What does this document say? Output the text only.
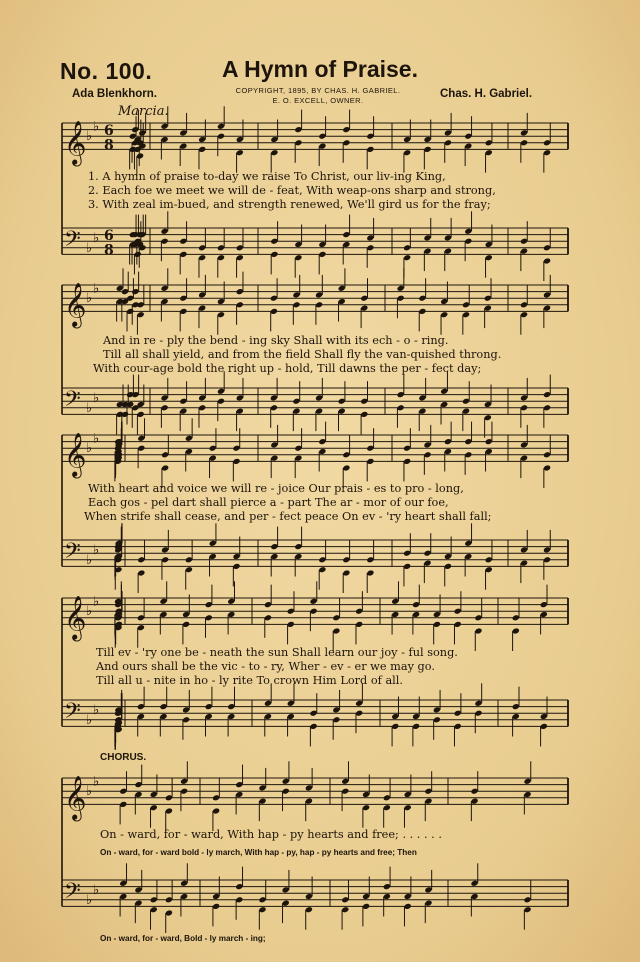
𝄞 ♭
♭
𝄢 ♭
♭
6
8
6
8
𝄞 ♭
♭
𝄢 ♭
♭
𝄞 ♭
♭
𝄢 ♭
♭
𝄞 ♭
♭
𝄢 ♭
♭
𝄞 ♭
♭
𝄢 ♭
♭
No. 100.	A Hymn of Praise.
Ada Blenkhorn.	Chas. H. Gabriel.
COPYRIGHT, 1895, BY CHAS. H. GABRIEL.
E. O. EXCELL, OWNER.
Marcia.
1. A hymn of praise to-day we raise To Christ, our liv-ing King,
2. Each foe we meet we will de - feat, With weap-ons sharp and strong,
3. With zeal im-bued, and strength renewed, We'll gird us for the fray;
And in re - ply the bend - ing sky Shall with its ech - o - ring.
Till all shall yield, and from the field Shall fly the van-quished throng.
With cour-age bold the right up - hold, Till dawns the per - fect day;
With heart and voice we will re - joice Our prais - es to pro - long,
Each gos - pel dart shall pierce a - part The ar - mor of our foe,
When strife shall cease, and per - fect peace On ev - 'ry heart shall fall;
Till ev - 'ry one be - neath the sun Shall learn our joy - ful song.
And ours shall be the vic - to - ry, Wher - ev - er we may go.
Till all u - nite in ho - ly rite To crown Him Lord of all.
CHORUS.
On - ward, for - ward, With hap - py hearts and free; . . . . . .
On - ward, for - ward bold - ly march, With hap - py, hap - py hearts and free; Then
On - ward, for - ward, Bold - ly march - ing;
